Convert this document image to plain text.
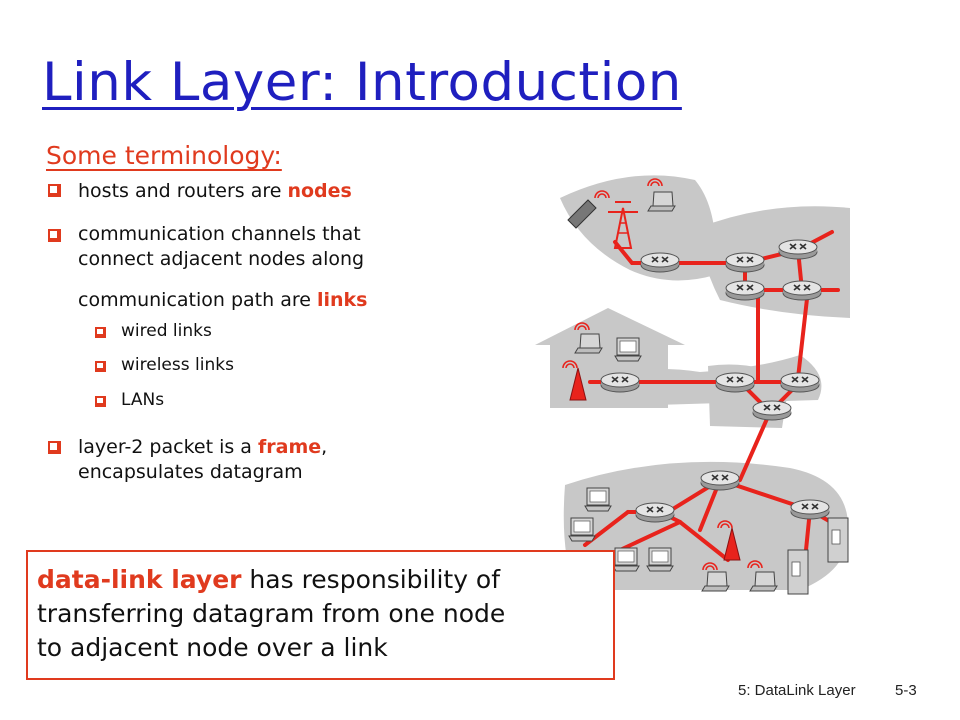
Link Layer: Introduction
Some terminology:
hosts and routers are nodes
communication channels that
connect adjacent nodes along
communication path are links
wired links
wireless links
LANs
layer-2 packet is a frame,
encapsulates datagram
data-link layer has responsibility of
transferring datagram from one node
to adjacent node over a link
5: DataLink Layer	5-3
